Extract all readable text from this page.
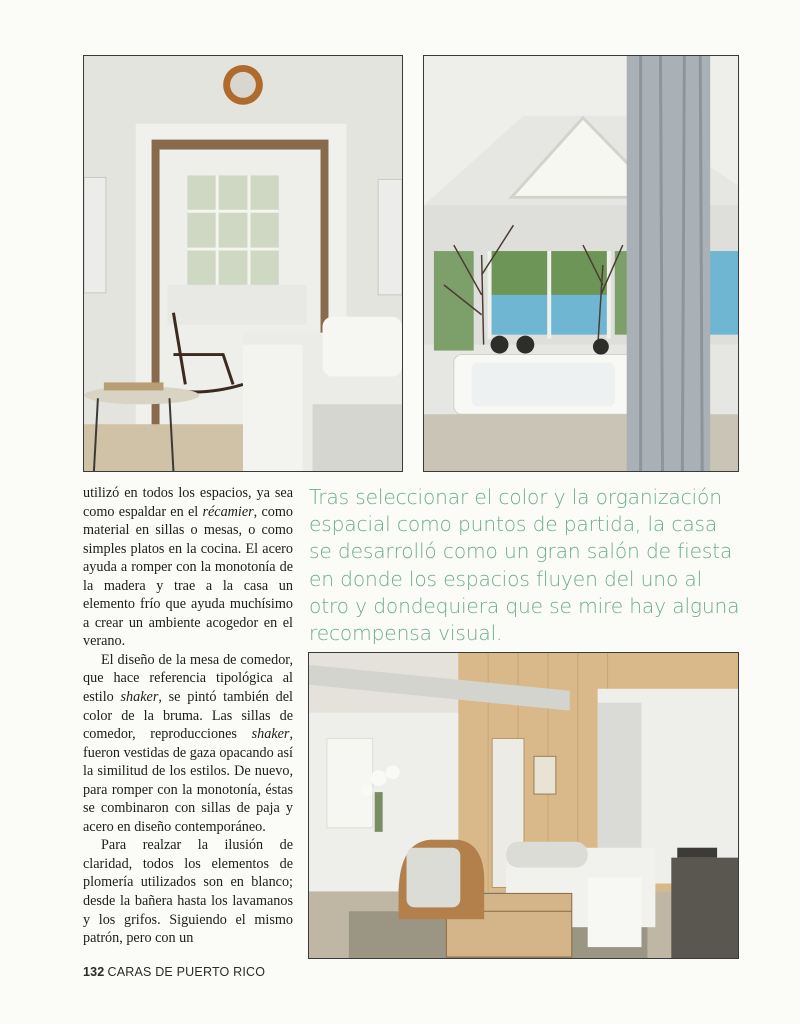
utilizó en todos los espacios, ya sea como espaldar en el récamier, como material en sillas o mesas, o como simples platos en la cocina. El acero ayuda a romper con la monotonía de la madera y trae a la casa un elemento frío que ayuda muchísimo a crear un ambiente acogedor en el verano.

El diseño de la mesa de comedor, que hace referencia tipológica al estilo shaker, se pintó también del color de la bruma. Las sillas de comedor, reproducciones shaker, fueron vestidas de gaza opacando así la similitud de los estilos. De nuevo, para romper con la monotonía, éstas se combinaron con sillas de paja y acero en diseño contemporáneo.

Para realzar la ilusión de claridad, todos los elementos de plomería utilizados son en blanco; desde la bañera hasta los lavamanos y los grifos. Siguiendo el mismo patrón, pero con un

Tras seleccionar el color y la organización espacial como puntos de partida, la casa se desarrolló como un gran salón de fiesta en donde los espacios fluyen del uno al otro y dondequiera que se mire hay alguna recompensa visual.
132 CARAS DE PUERTO RICO
